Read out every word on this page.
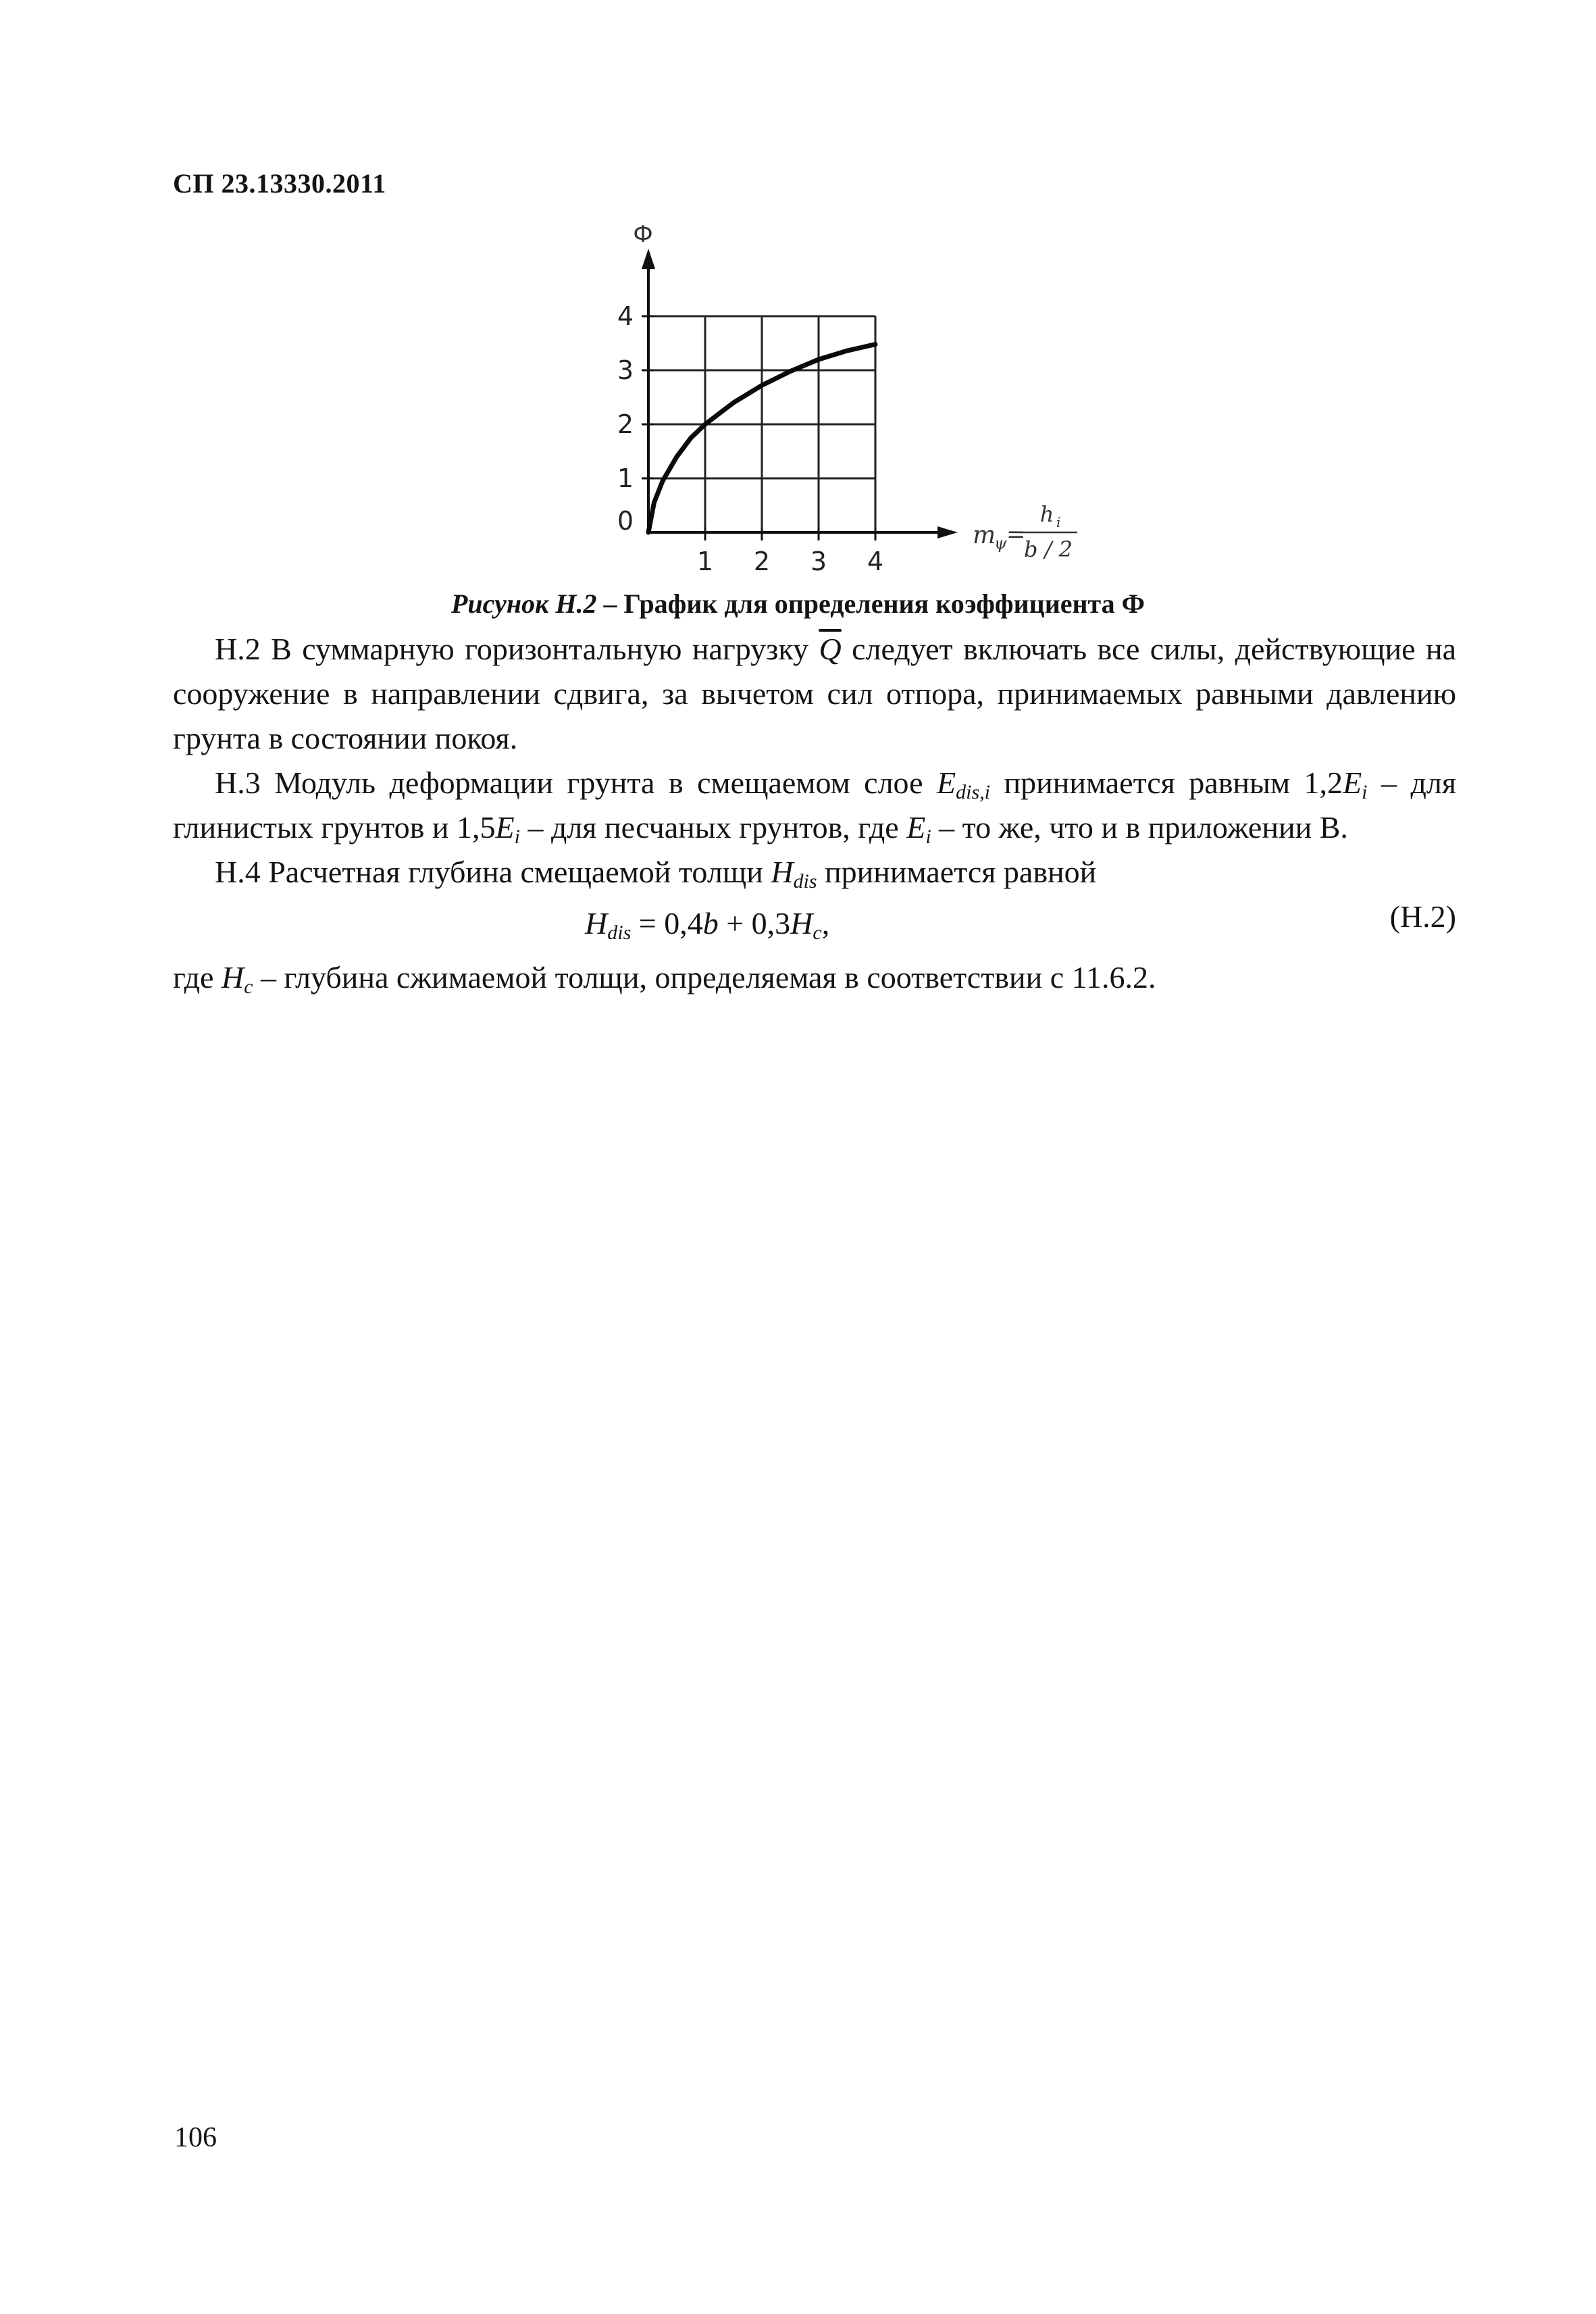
СП 23.13330.2011
1 2 3 4
0
1
2
3
4
Ф
m
ψ =
h i
b / 2
Рисунок Н.2 – График для определения коэффициента Ф

Н.2 В суммарную горизонтальную нагрузку $\overline{Q}$ следует включать все силы, действующие на сооружение в направлении сдвига, за вычетом сил отпора, принимаемых равными давлению грунта в состоянии покоя.

Н.3 Модуль деформации грунта в смещаемом слое $E_{dis,i}$ принимается равным $1,2E_i$ – для глинистых грунтов и $1,5E_i$ – для песчаных грунтов, где $E_i$ – то же, что и в приложении В.

Н.4 Расчетная глубина смещаемой толщи $H_{dis}$ принимается равной

$H_{dis} = 0,4b + 0,3H_c$,	(Н.2)

где $H_c$ – глубина сжимаемой толщи, определяемая в соответствии с 11.6.2.

106
